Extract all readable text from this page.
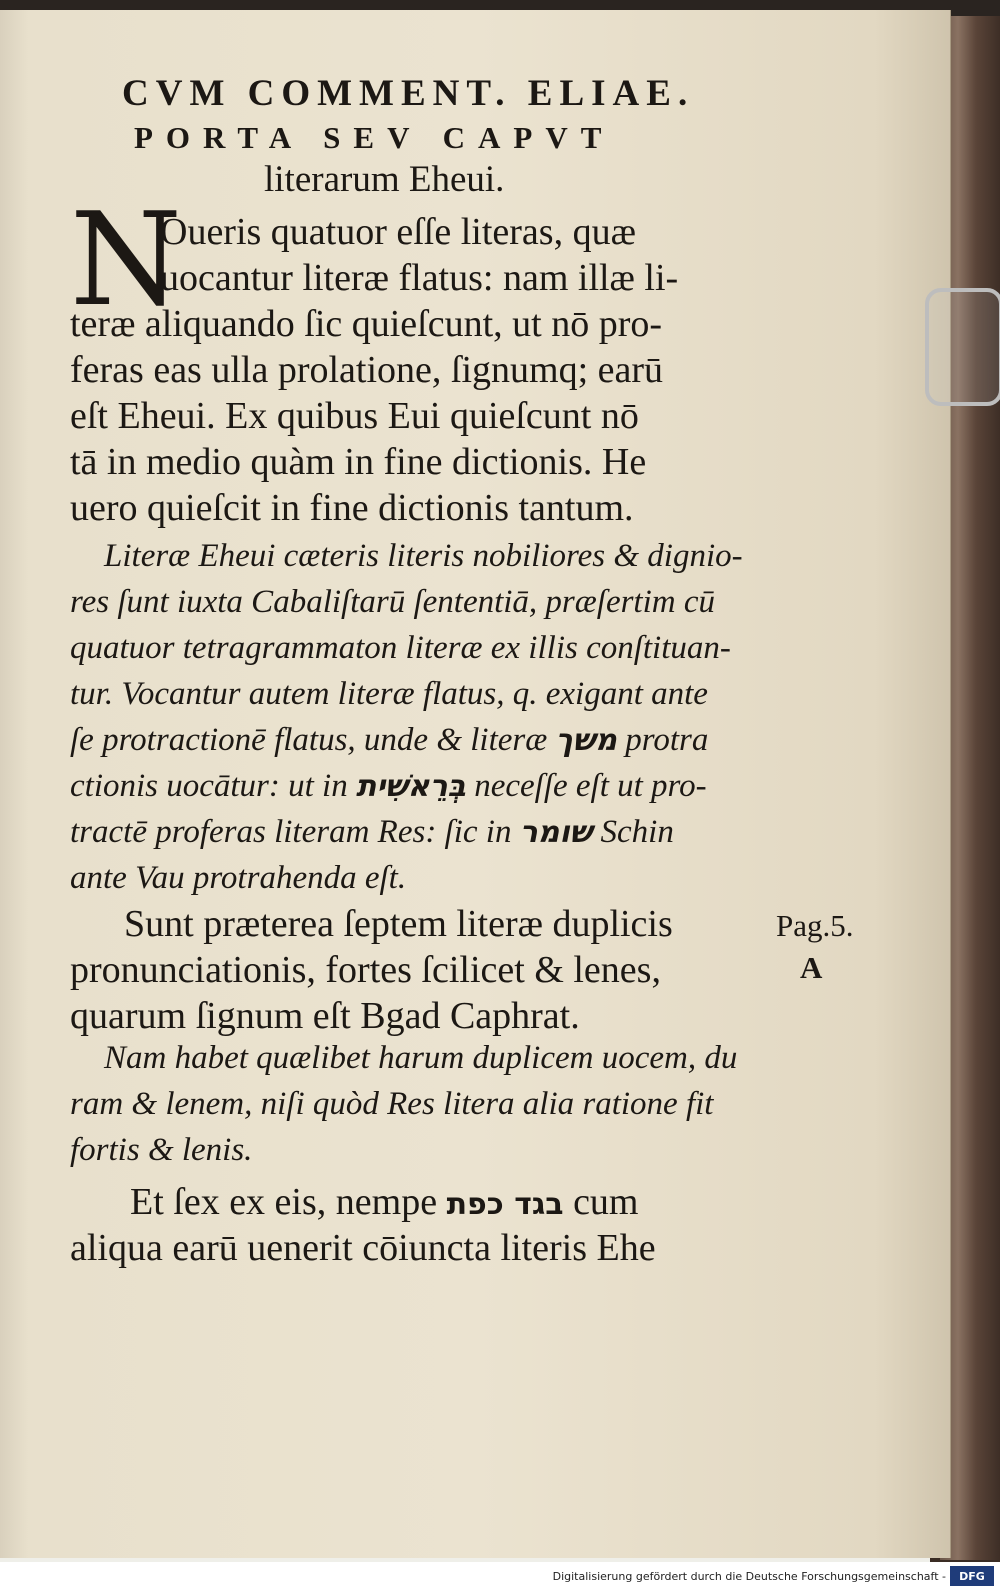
CVM COMMENT. ELIAE.
PORTA SEV CAPVT
literarum Eheui.
N
Oueris quatuor eſſe literas, quæ
uocantur literæ flatus: nam illæ li-
teræ aliquando ſic quieſcunt, ut nō pro-
feras eas ulla prolatione, ſignumq; earū
eſt Eheui. Ex quibus Eui quieſcunt nō
tā in medio quàm in fine dictionis. He
uero quieſcit in fine dictionis tantum.
Literæ Eheui cæteris literis nobiliores & dignio-
res ſunt iuxta Cabaliſtarū ſententiā, præſertim cū
quatuor tetragrammaton literæ ex illis conſtituan-
tur. Vocantur autem literæ flatus, q. exigant ante
ſe protractionē flatus, unde & literæ משך protra
ctionis uocātur: ut in בְּרֵאשִׁית neceſſe eſt ut pro-
tractē proferas literam Res: ſic in שומר Schin
ante Vau protrahenda eſt.
Sunt præterea ſeptem literæ duplicis
pronunciationis, fortes ſcilicet & lenes,
quarum ſignum eſt Bgad Caphrat.
Pag.5.
A
Nam habet quælibet harum duplicem uocem, du
ram & lenem, niſi quòd Res litera alia ratione fit
fortis & lenis.
Et ſex ex eis, nempe בגד כפת cum
aliqua earū uenerit cōiuncta literis Ehe
Digitalisierung gefördert durch die Deutsche Forschungsgemeinschaft -	DFG
